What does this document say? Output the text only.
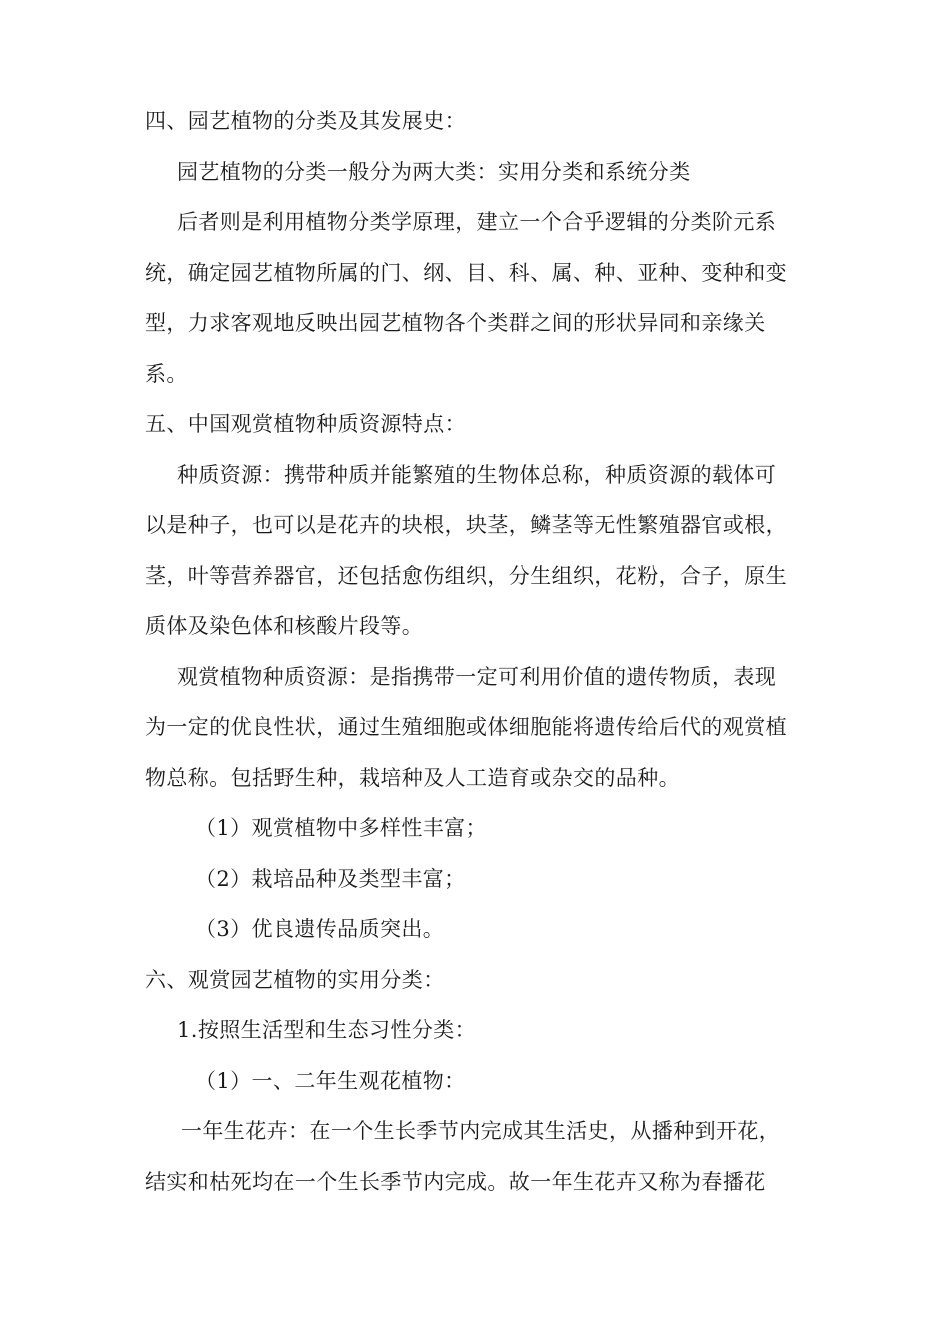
四、园艺植物的分类及其发展史：
园艺植物的分类一般分为两大类：实用分类和系统分类
后者则是利用植物分类学原理，建立一个合乎逻辑的分类阶元系
统，确定园艺植物所属的门、纲、目、科、属、种、亚种、变种和变
型，力求客观地反映出园艺植物各个类群之间的形状异同和亲缘关
系。
五、中国观赏植物种质资源特点：
种质资源：携带种质并能繁殖的生物体总称，种质资源的载体可
以是种子，也可以是花卉的块根，块茎，鳞茎等无性繁殖器官或根，
茎，叶等营养器官，还包括愈伤组织，分生组织，花粉，合子，原生
质体及染色体和核酸片段等。
观赏植物种质资源：是指携带一定可利用价值的遗传物质，表现
为一定的优良性状，通过生殖细胞或体细胞能将遗传给后代的观赏植
物总称。包括野生种，栽培种及人工造育或杂交的品种。
（1）观赏植物中多样性丰富；
（2）栽培品种及类型丰富；
（3）优良遗传品质突出。
六、观赏园艺植物的实用分类：
1.按照生活型和生态习性分类：
（1）一、二年生观花植物：
一年生花卉：在一个生长季节内完成其生活史，从播种到开花，
结实和枯死均在一个生长季节内完成。故一年生花卉又称为春播花
